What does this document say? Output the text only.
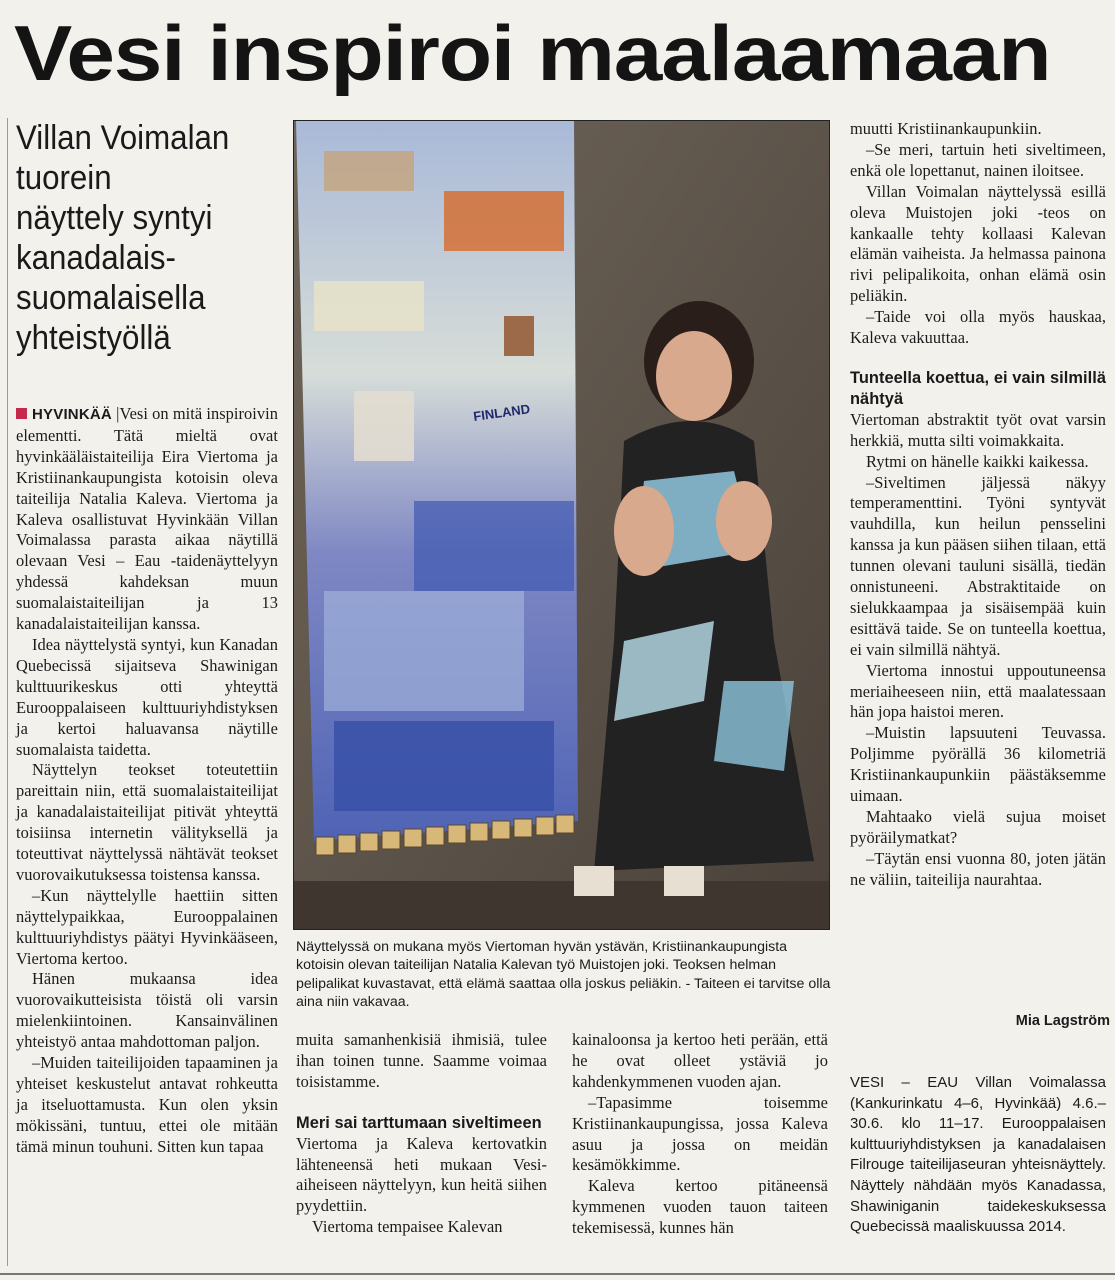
Vesi inspiroi maalaamaan
Villan Voimalan
tuorein
näyttely syntyi
kanadalais-
suomalaisella
yhteistyöllä

HYVINKÄÄ |Vesi on mitä inspiroivin elementti. Tätä mieltä ovat hyvinkääläistaiteilija Eira Viertoma ja Kristiinankaupungista kotoisin oleva taiteilija Natalia Kaleva. Viertoma ja Kaleva osallistuvat Hyvinkään Villan Voimalassa parasta aikaa näytillä olevaan Vesi – Eau -taidenäyttelyyn yhdessä kahdeksan muun suomalaistaiteilijan ja 13 kanadalaistaiteilijan kanssa.

Idea näyttelystä syntyi, kun Kanadan Quebecissä sijaitseva Shawinigan kulttuurikeskus otti yhteyttä Eurooppalaiseen kulttuuriyhdistyksen ja kertoi haluavansa näytille suomalaista taidetta.

Näyttelyn teokset toteutettiin pareittain niin, että suomalaistaiteilijat ja kanadalaistaiteilijat pitivät yhteyttä toisiinsa internetin välityksellä ja toteuttivat näyttelyssä nähtävät teokset vuorovaikutuksessa toistensa kanssa.

–Kun näyttelylle haettiin sitten näyttelypaikkaa, Eurooppalainen kulttuuriyhdistys päätyi Hyvinkääseen, Viertoma kertoo.

Hänen mukaansa idea vuorovaikutteisista töistä oli varsin mielenkiintoinen. Kansainvälinen yhteistyö antaa mahdottoman paljon.

–Muiden taiteilijoiden tapaaminen ja yhteiset keskustelut antavat rohkeutta ja itseluottamusta. Kun olen yksin mökissäni, tuntuu, ettei ole mitään tämä minun touhuni. Sitten kun tapaa

FINLAND
Näyttelyssä on mukana myös Viertoman hyvän ystävän, Kristiinankaupungista kotoisin olevan taiteilijan Natalia Kalevan työ Muistojen joki. Teoksen helman pelipalikat kuvastavat, että elämä saattaa olla joskus peliäkin. - Taiteen ei tarvitse olla aina niin vakavaa.

muita samanhenkisiä ihmisiä, tulee ihan toinen tunne. Saamme voimaa toisistamme.

Meri sai tarttumaan siveltimeen

Viertoma ja Kaleva kertovatkin lähteneensä heti mukaan Vesi-aiheiseen näyttelyyn, kun heitä siihen pyydettiin.

Viertoma tempaisee Kalevan

kainaloonsa ja kertoo heti perään, että he ovat olleet ystäviä jo kahdenkymmenen vuoden ajan.

–Tapasimme toisemme Kristiinankaupungissa, jossa Kaleva asuu ja jossa on meidän kesämökkimme.

Kaleva kertoo pitäneensä kymmenen vuoden tauon taiteen tekemisessä, kunnes hän

muutti Kristiinankaupunkiin.

–Se meri, tartuin heti siveltimeen, enkä ole lopettanut, nainen iloitsee.

Villan Voimalan näyttelyssä esillä oleva Muistojen joki -teos on kankaalle tehty kollaasi Kalevan elämän vaiheista. Ja helmassa painona rivi pelipalikoita, onhan elämä osin peliäkin.

–Taide voi olla myös hauskaa, Kaleva vakuuttaa.

Tunteella koettua, ei vain silmillä nähtyä

Viertoman abstraktit työt ovat varsin herkkiä, mutta silti voimakkaita.

Rytmi on hänelle kaikki kaikessa.

–Siveltimen jäljessä näkyy temperamenttini. Työni syntyvät vauhdilla, kun heilun pensselini kanssa ja kun pääsen siihen tilaan, että tunnen olevani tauluni sisällä, tiedän onnistuneeni. Abstraktitaide on sielukkaampaa ja sisäisempää kuin esittävä taide. Se on tunteella koettua, ei vain silmillä nähtyä.

Viertoma innostui uppoutuneensa meriaiheeseen niin, että maalatessaan hän jopa haistoi meren.

–Muistin lapsuuteni Teuvassa. Poljimme pyörällä 36 kilometriä Kristiinankaupunkiin päästäksemme uimaan.

Mahtaako vielä sujua moiset pyöräilymatkat?

–Täytän ensi vuonna 80, joten jätän ne väliin, taiteilija naurahtaa.

Mia Lagström
VESI – EAU Villan Voimalassa (Kankurinkatu 4–6, Hyvinkää) 4.6.–30.6. klo 11–17. Eurooppalaisen kulttuuriyhdistyksen ja kanadalaisen Filrouge taiteilijaseuran yhteisnäyttely. Näyttely nähdään myös Kanadassa, Shawiniganin taidekeskuksessa Quebecissä maaliskuussa 2014.
